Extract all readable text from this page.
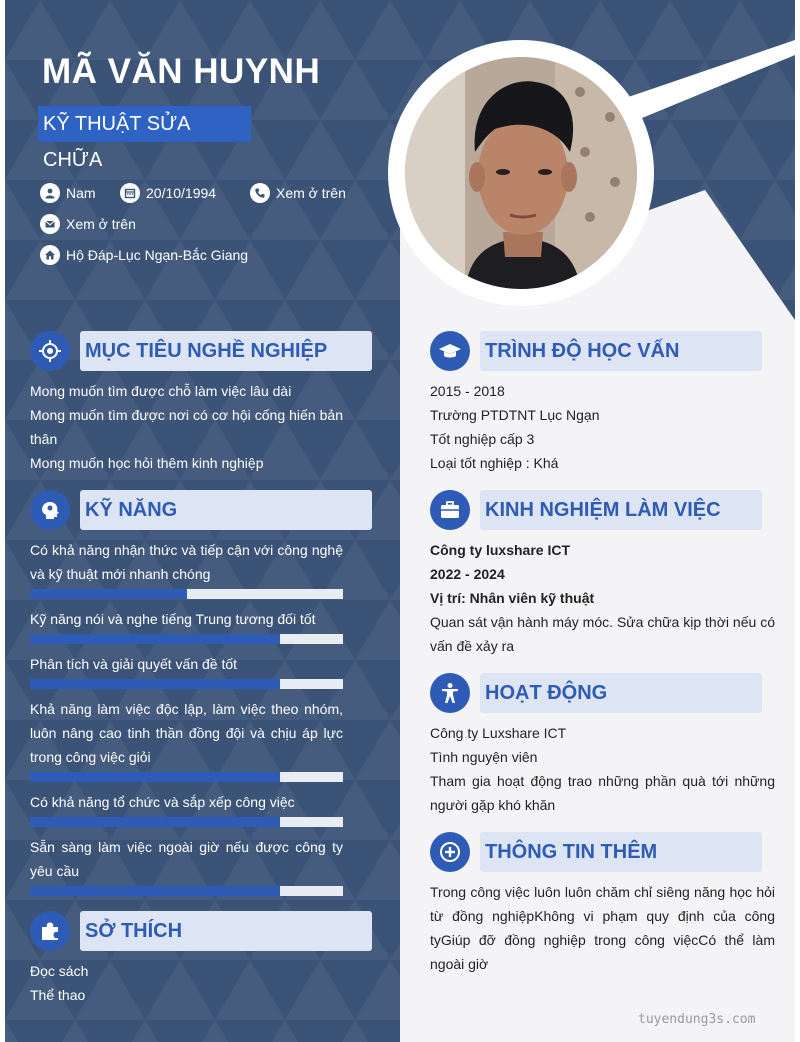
MÃ VĂN HUYNH
KỸ THUẬT SỬA CHỮA
Nam	20/10/1994	Xem ở trên
Xem ở trên
Hộ Đáp-Lục Ngạn-Bắc Giang
MỤC TIÊU NGHỀ NGHIỆP

Mong muốn tìm được chỗ làm việc lâu dài

Mong muốn tìm được nơi có cơ hội cống hiến bản thân

Mong muốn học hỏi thêm kinh nghiệp

KỸ NĂNG
Có khả năng nhận thức và tiếp cận với công nghệ và kỹ thuật mới nhanh chóng
Kỹ năng nói và nghe tiếng Trung tương đối tốt
Phân tích và giải quyết vấn đề tốt
Khả năng làm việc độc lập, làm việc theo nhóm, luôn nâng cao tinh thần đồng đội và chịu áp lực trong công việc giỏi
Có khả năng tổ chức và sắp xếp công việc
Sẵn sàng làm việc ngoài giờ nếu được công ty yêu cầu
SỞ THÍCH

Đọc sách

Thể thao

TRÌNH ĐỘ HỌC VẤN

2015 - 2018

Trường PTDTNT Lục Ngạn

Tốt nghiệp cấp 3

Loại tốt nghiệp : Khá

KINH NGHIỆM LÀM VIỆC

Công ty luxshare ICT

2022 - 2024

Vị trí: Nhân viên kỹ thuật

Quan sát vận hành máy móc. Sửa chữa kịp thời nếu có vấn đề xảy ra

HOẠT ĐỘNG

Công ty Luxshare ICT

Tình nguyện viên

Tham gia hoạt động trao những phần quà tới những người gặp khó khăn

THÔNG TIN THÊM
Trong công việc luôn luôn chăm chỉ siêng năng học hỏi từ đồng nghiệpKhông vi phạm quy định của công tyGiúp đỡ đồng nghiệp trong công việcCó thể làm ngoài giờ
tuyendung3s.com
